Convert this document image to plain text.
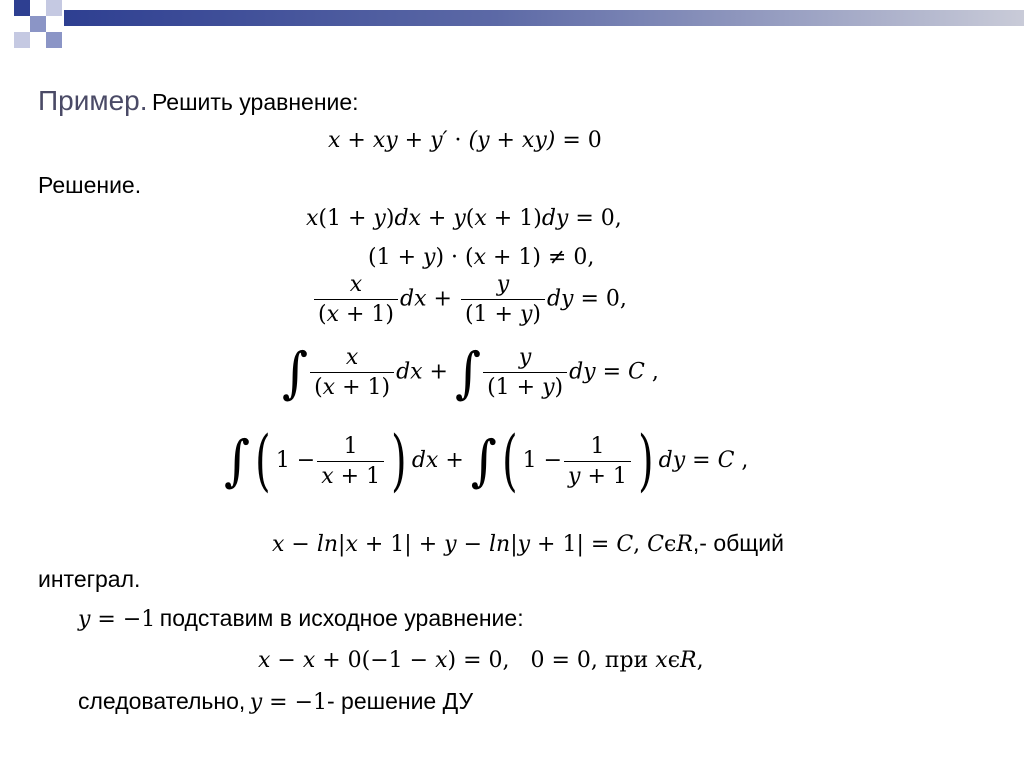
Пример. Решить уравнение:
x + xy + y′ · (y + xy) = 0
Решение.
x(1 + y)dx + y(x + 1)dy = 0,
(1 + y) · (x + 1) ≠ 0,
$\frac{x}{(x + 1)}$ dx + $\frac{y}{(1 + y)}$ dy = 0,
∫ $\frac{x}{(x + 1)}$ dx + ∫ $\frac{y}{(1 + y)}$ dy = C ,
∫( $1 - \frac{1}{x + 1}$ ) dx + ∫( $1 - \frac{1}{y + 1}$ ) dy = C ,
x − ln|x + 1| + y − ln|y + 1| = C, CϵR,- общий
интеграл.
y = −1 подставим в исходное уравнение:
x − x + 0(−1 − x) = 0,   0 = 0, при xϵR,
следовательно, y = −1- решение ДУ
